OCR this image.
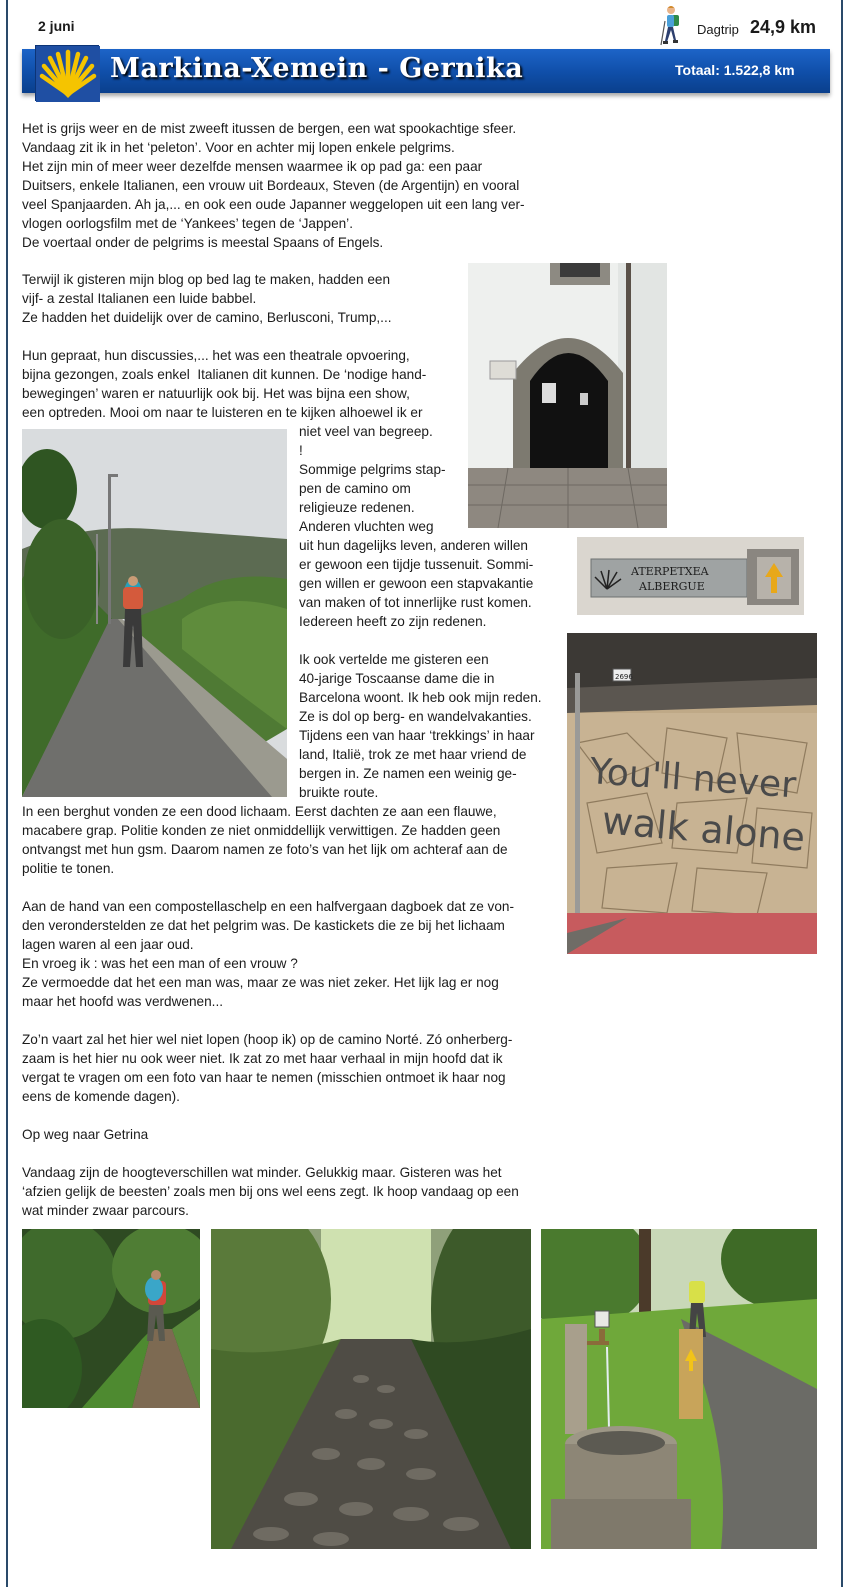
2 juni	Dagtrip 24,9 km
Markina-Xemein - Gernika	Totaal: 1.522,8 km
Het is grijs weer en de mist zweeft itussen de bergen, een wat spookachtige sfeer.
Vandaag zit ik in het ‘peleton’. Voor en achter mij lopen enkele pelgrims.
Het zijn min of meer weer dezelfde mensen waarmee ik op pad ga: een paar
Duitsers, enkele Italianen, een vrouw uit Bordeaux, Steven (de Argentijn) en vooral
veel Spanjaarden. Ah ja,... en ook een oude Japanner weggelopen uit een lang ver-
vlogen oorlogsfilm met de ‘Yankees’ tegen de ‘Jappen’.
De voertaal onder de pelgrims is meestal Spaans of Engels.
Terwijl ik gisteren mijn blog op bed lag te maken, hadden een
vijf- a zestal Italianen een luide babbel.
Ze hadden het duidelijk over de camino, Berlusconi, Trump,...
Hun gepraat, hun discussies,... het was een theatrale opvoering,
bijna gezongen, zoals enkel  Italianen dit kunnen. De ‘nodige hand-
bewegingen’ waren er natuurlijk ook bij. Het was bijna een show,
een optreden. Mooi om naar te luisteren en te kijken alhoewel ik er
niet veel van begreep.
!
Sommige pelgrims stap-
pen de camino om
religieuze redenen.
Anderen vluchten weg
uit hun dagelijks leven, anderen willen
er gewoon een tijdje tussenuit. Sommi-
gen willen er gewoon een stapvakantie
van maken of tot innerlijke rust komen.
Iedereen heeft zo zijn redenen.
Ik ook vertelde me gisteren een
40-jarige Toscaanse dame die in
Barcelona woont. Ik heb ook mijn reden.
Ze is dol op berg- en wandelvakanties.
Tijdens een van haar ‘trekkings’ in haar
land, Italië, trok ze met haar vriend de
bergen in. Ze namen een weinig ge-
bruikte route.
In een berghut vonden ze een dood lichaam. Eerst dachten ze aan een flauwe,
macabere grap. Politie konden ze niet onmiddellijk verwittigen. Ze hadden geen
ontvangst met hun gsm. Daarom namen ze foto’s van het lijk om achteraf aan de
politie te tonen.
Aan de hand van een compostellaschelp en een halfvergaan dagboek dat ze von-
den veronderstelden ze dat het pelgrim was. De kastickets die ze bij het lichaam
lagen waren al een jaar oud.
En vroeg ik : was het een man of een vrouw ?
Ze vermoedde dat het een man was, maar ze was niet zeker. Het lijk lag er nog
maar het hoofd was verdwenen...
Zo’n vaart zal het hier wel niet lopen (hoop ik) op de camino Norté. Zó onherberg-
zaam is het hier nu ook weer niet. Ik zat zo met haar verhaal in mijn hoofd dat ik
vergat te vragen om een foto van haar te nemen (misschien ontmoet ik haar nog
eens de komende dagen).
Op weg naar Getrina
Vandaag zijn de hoogteverschillen wat minder. Gelukkig maar. Gisteren was het
‘afzien gelijk de beesten’ zoals men bij ons wel eens zegt. Ik hoop vandaag op een
wat minder zwaar parcours.
ATERPETXEA
ALBERGUE
2696
You'll never
walk alone
